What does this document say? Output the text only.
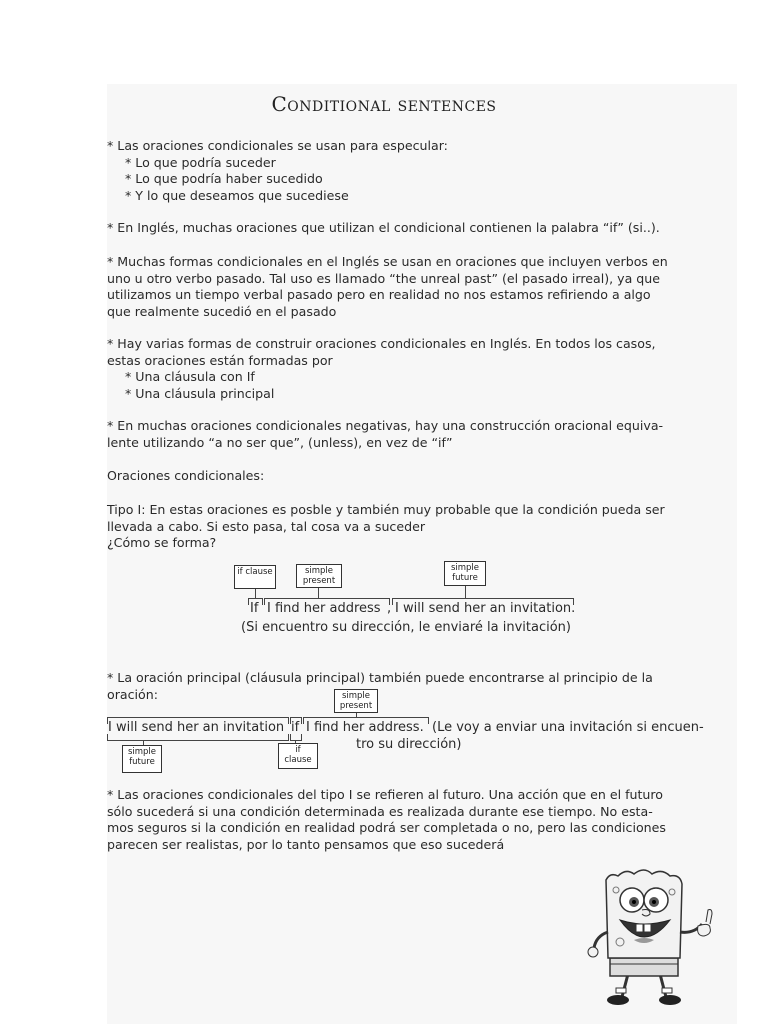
Conditional sentences
* Las oraciones condicionales se usan para especular:
* Lo que podría suceder
* Lo que podría haber sucedido
* Y lo que deseamos que sucediese
* En Inglés, muchas oraciones que utilizan el condicional contienen la palabra “if” (si..).
* Muchas formas condicionales en el Inglés se usan en oraciones que incluyen verbos en
uno u otro verbo pasado. Tal uso es llamado “the unreal past” (el pasado irreal), ya que
utilizamos un tiempo verbal pasado pero en realidad no nos estamos refiriendo a algo
que realmente sucedió en el pasado
* Hay varias formas de construir oraciones condicionales en Inglés. En todos los casos,
estas oraciones están formadas por
* Una cláusula con If
* Una cláusula principal
* En muchas oraciones condicionales negativas, hay una construcción oracional equiva-
lente utilizando “a no ser que”, (unless), en vez de “if”
Oraciones condicionales:
Tipo I: En estas oraciones es posble y también muy probable que la condición pueda ser
llevada a cabo. Si esto pasa, tal cosa va a suceder
¿Cómo se forma?
if clause	simple present
simple future
If I find her address , I will send her an invitation.
(Si encuentro su dirección, le enviaré la invitación)
* La oración principal (cláusula principal) también puede encontrarse al principio de la
oración:	simple present
I will send her an invitation if I find her address. (Le voy a enviar una invitación si encuen-
tro su dirección)
simple future
if clause
* Las oraciones condicionales del tipo I se refieren al futuro. Una acción que en el futuro
sólo sucederá si una condición determinada es realizada durante ese tiempo. No esta-
mos seguros si la condición en realidad podrá ser completada o no, pero las condiciones
parecen ser realistas, por lo tanto pensamos que eso sucederá
